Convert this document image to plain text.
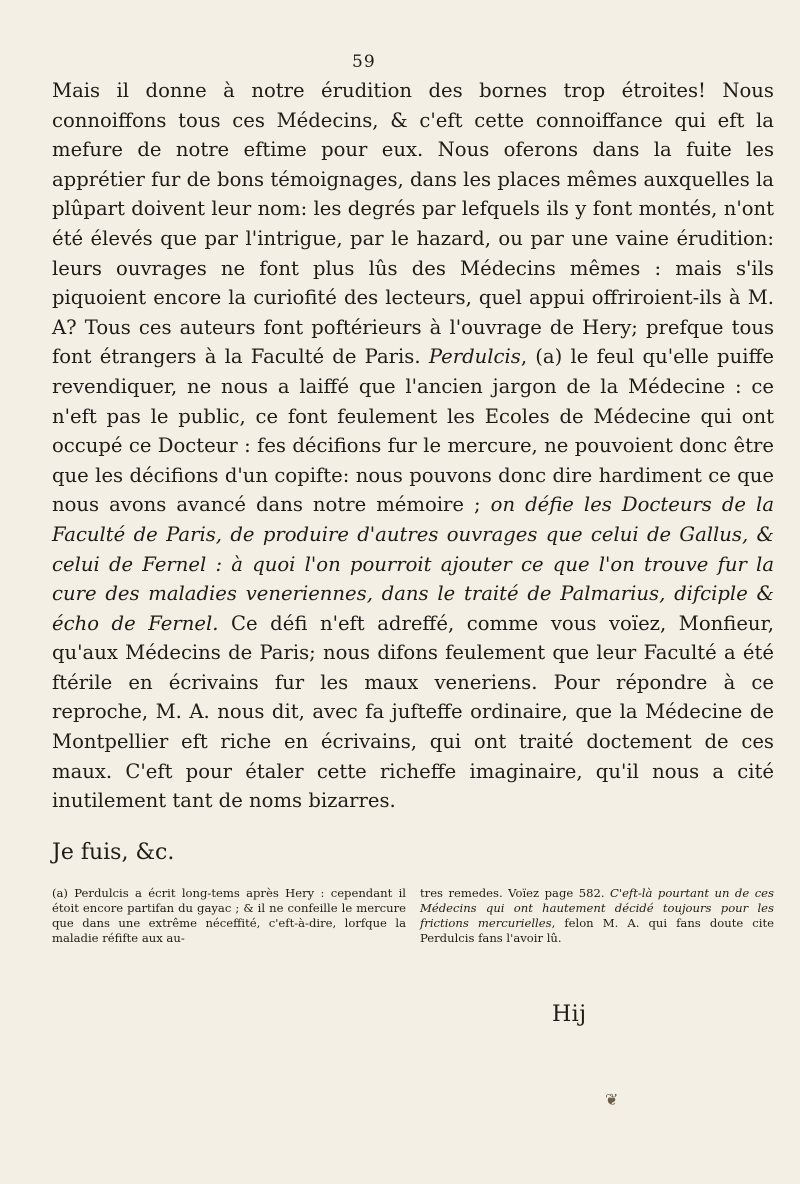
59

Mais il donne à notre érudition des bornes trop étroites! Nous connoiffons tous ces Médecins, & c'eft cette connoiffance qui eft la mefure de notre eftime pour eux. Nous oferons dans la fuite les apprétier fur de bons témoignages, dans les places mêmes auxquelles la plûpart doivent leur nom: les degrés par lefquels ils y font montés, n'ont été élevés que par l'intrigue, par le hazard, ou par une vaine érudition: leurs ouvrages ne font plus lûs des Médecins mêmes : mais s'ils piquoient encore la curiofité des lecteurs, quel appui offriroient-ils à M. A? Tous ces auteurs font poftérieurs à l'ouvrage de Hery; prefque tous font étrangers à la Faculté de Paris. Perdulcis, (a) le feul qu'elle puiffe revendiquer, ne nous a laiffé que l'ancien jargon de la Médecine : ce n'eft pas le public, ce font feulement les Ecoles de Médecine qui ont occupé ce Docteur : fes décifions fur le mercure, ne pouvoient donc être que les décifions d'un copifte: nous pouvons donc dire hardiment ce que nous avons avancé dans notre mémoire ; on défie les Docteurs de la Faculté de Paris, de produire d'autres ouvrages que celui de Gallus, & celui de Fernel : à quoi l'on pourroit ajouter ce que l'on trouve fur la cure des maladies veneriennes, dans le traité de Palmarius, difciple & écho de Fernel. Ce défi n'eft adreffé, comme vous voïez, Monfieur, qu'aux Médecins de Paris; nous difons feulement que leur Faculté a été ftérile en écrivains fur les maux veneriens. Pour répondre à ce reproche, M. A. nous dit, avec fa jufteffe ordinaire, que la Médecine de Montpellier eft riche en écrivains, qui ont traité doctement de ces maux. C'eft pour étaler cette richeffe imaginaire, qu'il nous a cité inutilement tant de noms bizarres.

Je fuis, &c.
(a) Perdulcis a écrit long-tems après Hery : cependant il étoit encore partifan du gayac ; & il ne confeille le mercure que dans une extrême néceffité, c'eft-à-dire, lorfque la maladie réfifte aux au-
tres remedes. Voïez page 582. C'eft-là pourtant un de ces Médecins qui ont hautement décidé toujours pour les frictions mercurielles, felon M. A. qui fans doute cite Perdulcis fans l'avoir lû.
Hij
❦
